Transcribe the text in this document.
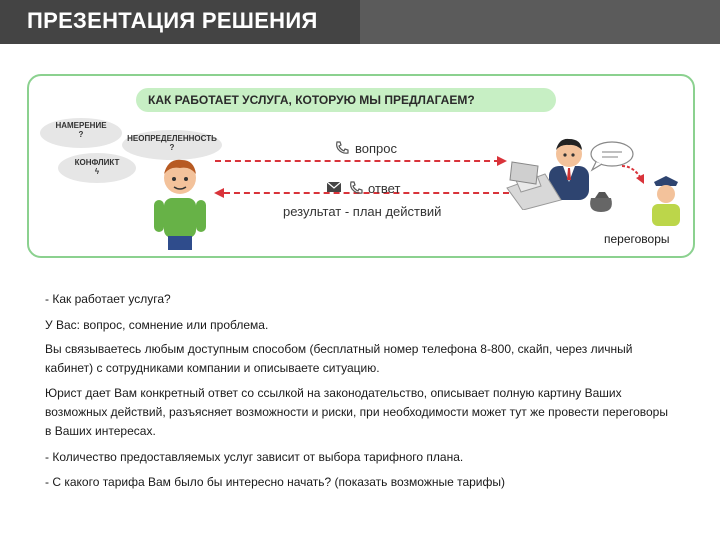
ПРЕЗЕНТАЦИЯ РЕШЕНИЯ
КАК РАБОТАЕТ УСЛУГА, КОТОРУЮ МЫ ПРЕДЛАГАЕМ?
НАМЕРЕНИЕ
?	НЕОПРЕДЕЛЕННОСТЬ
?
КОНФЛИКТ
ϟ
вопрос
ответ
результат - план действий
переговоры
- Как работает услуга?
У Вас: вопрос, сомнение или проблема.
Вы связываетесь любым доступным способом (бесплатный номер телефона 8-800, скайп, через личный кабинет) с сотрудниками компании и описываете ситуацию.
Юрист дает Вам конкретный ответ со ссылкой на законодательство, описывает полную картину Ваших возможных действий, разъясняет возможности и риски, при необходимости может тут же провести переговоры в Ваших интересах.
- Количество предоставляемых услуг зависит от выбора тарифного плана.
- С какого тарифа Вам было бы интересно начать? (показать возможные тарифы)
